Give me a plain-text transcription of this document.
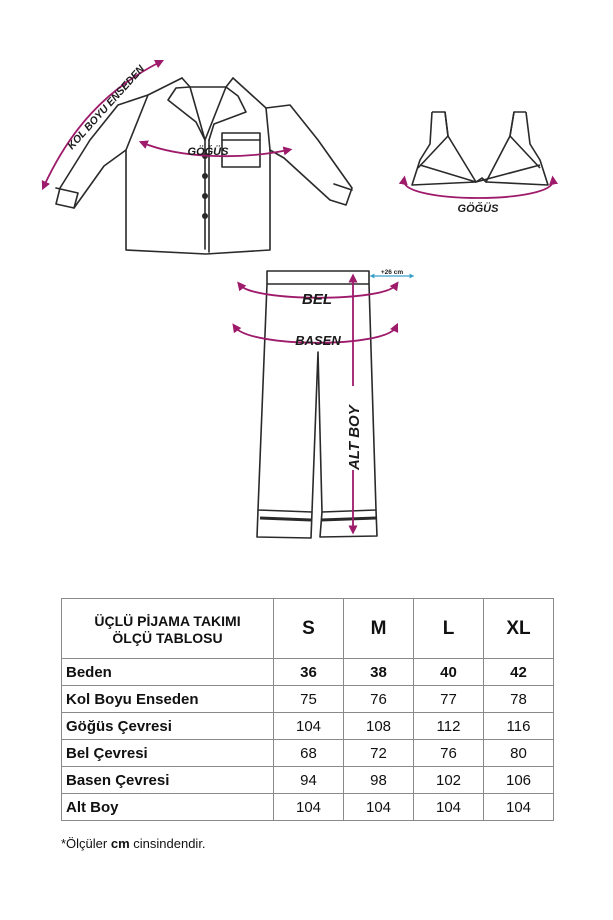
KOL BOYU ENSEDEN	GÖĞÜS
GÖĞÜS
+26 cm
BEL
BASEN
ALT BOY
ÜÇLÜ PİJAMA TAKIMI
ÖLÇÜ TABLOSU	S	M	L	XL
Beden	36	38	40	42
Kol Boyu Enseden	75	76	77	78
Göğüs Çevresi	104	108	112	116
Bel Çevresi	68	72	76	80
Basen Çevresi	94	98	102	106
Alt Boy	104	104	104	104
*Ölçüler cm cinsindendir.
